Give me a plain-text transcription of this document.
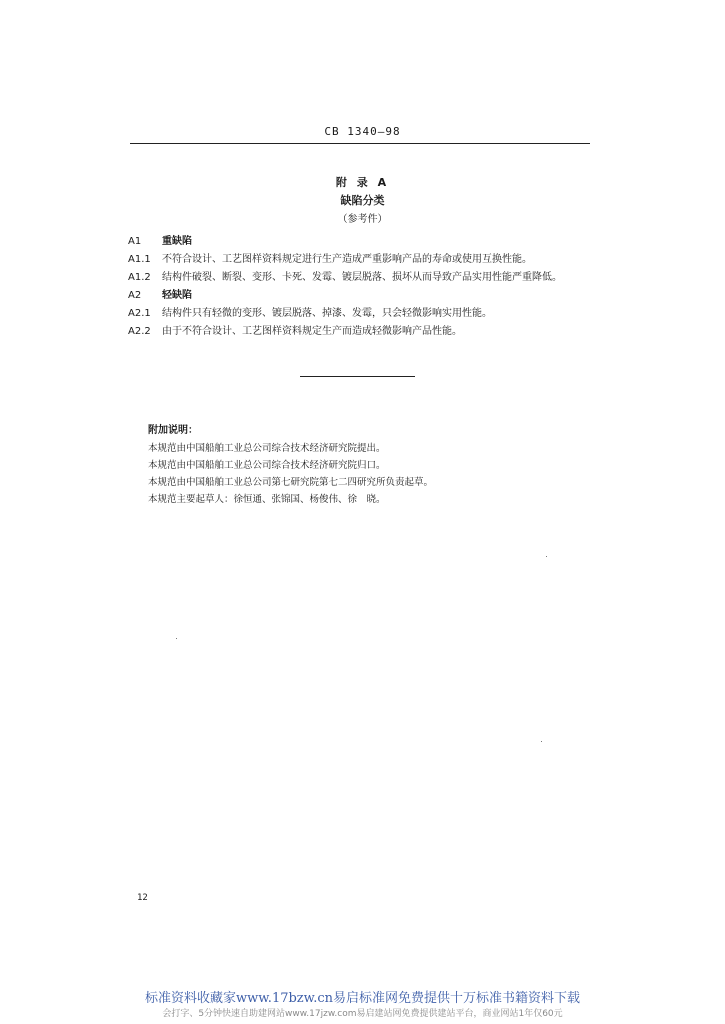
CB 1340—98
附 录 A
缺陷分类
（参考件）
A1	重缺陷
A1.1	不符合设计、工艺图样资料规定进行生产造成严重影响产品的寿命或使用互换性能。
A1.2	结构件破裂、断裂、变形、卡死、发霉、镀层脱落、损坏从而导致产品实用性能严重降低。
A2	轻缺陷
A2.1	结构件只有轻微的变形、镀层脱落、掉漆、发霉，只会轻微影响实用性能。
A2.2	由于不符合设计、工艺图样资料规定生产而造成轻微影响产品性能。
附加说明：
本规范由中国船舶工业总公司综合技术经济研究院提出。
本规范由中国船舶工业总公司综合技术经济研究院归口。
本规范由中国船舶工业总公司第七研究院第七二四研究所负责起草。
本规范主要起草人：徐恒通、张锦国、杨俊伟、徐　晓。
12
标准资料收藏家www.17bzw.cn易启标准网免费提供十万标准书籍资料下载
会打字、5分钟快速自助建网站www.17jzw.com易启建站网免费提供建站平台，商业网站1年仅60元
